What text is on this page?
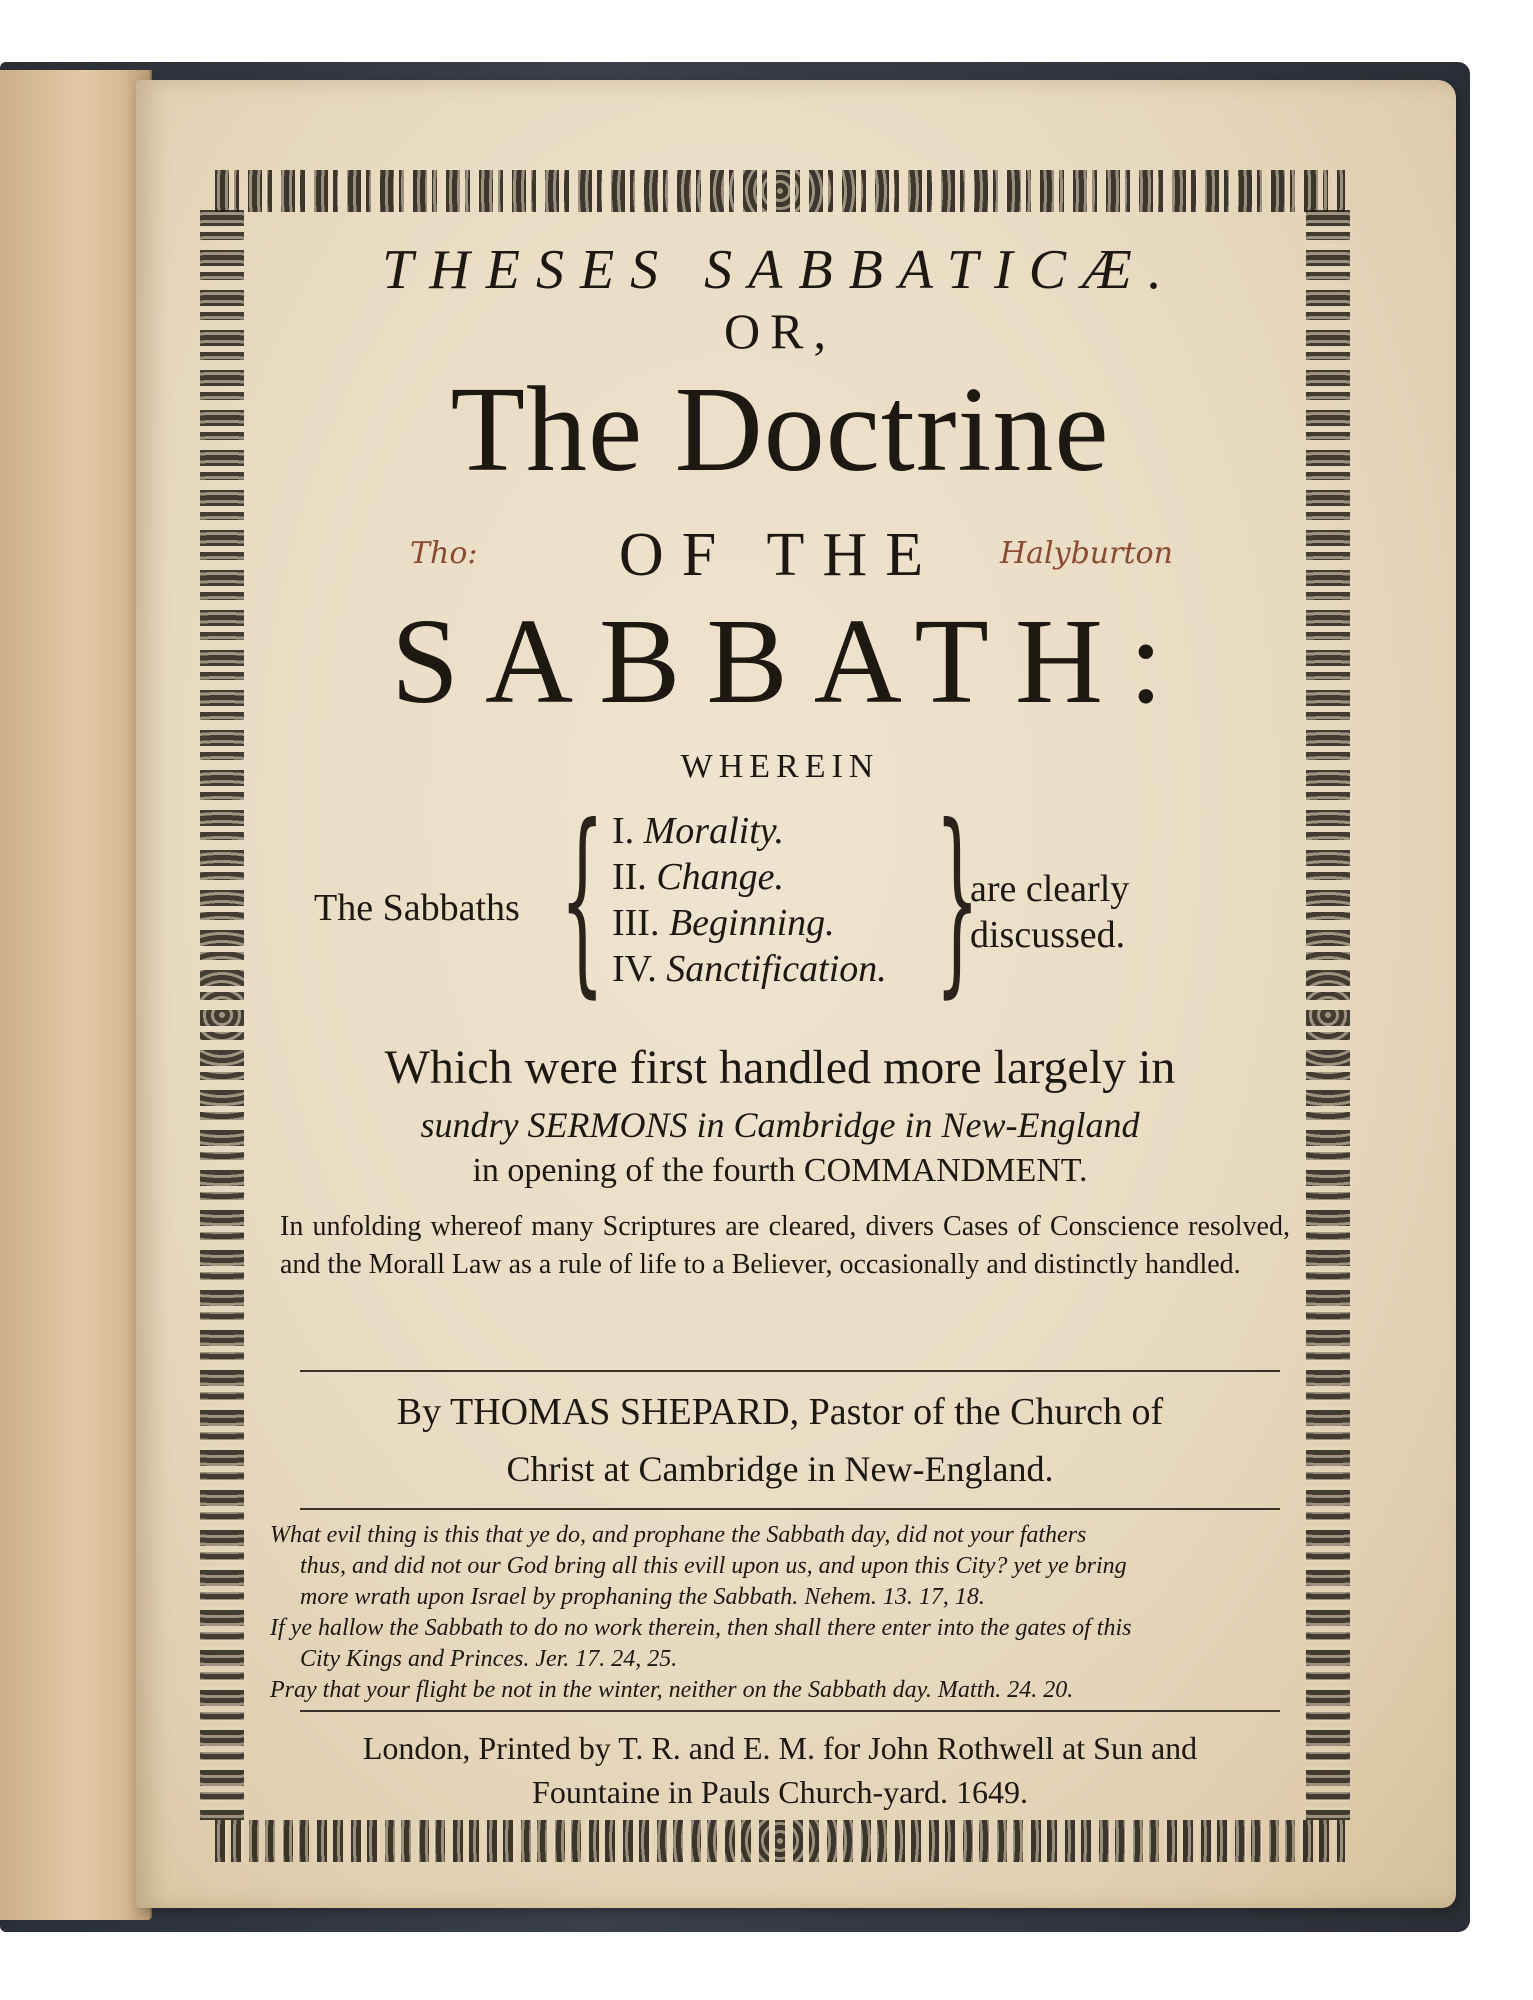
THESES SABBATICÆ.
OR,
The Doctrine
OF THE
Tho:	Halyburton
SABBATH:
WHEREIN
The Sabbaths { I. Morality.
II. Change.
III. Beginning.
IV. Sanctification. }
are clearly
discussed.
Which were first handled more largely in
sundry SERMONS in Cambridge in New-England
in opening of the fourth COMMANDMENT.
In unfolding whereof many Scriptures are cleared, divers Cases of Conscience resolved, and the Morall Law as a rule of life to a Believer, occasionally and distinctly handled.
By THOMAS SHEPARD, Pastor of the Church of
Christ at Cambridge in New-England.
What evil thing is this that ye do, and prophane the Sabbath day, did not your fathers
thus, and did not our God bring all this evill upon us, and upon this City? yet ye bring
more wrath upon Israel by prophaning the Sabbath. Nehem. 13. 17, 18.
If ye hallow the Sabbath to do no work therein, then shall there enter into the gates of this
City Kings and Princes. Jer. 17. 24, 25.
Pray that your flight be not in the winter, neither on the Sabbath day. Matth. 24. 20.
London, Printed by T. R. and E. M. for John Rothwell at Sun and
Fountaine in Pauls Church-yard. 1649.
